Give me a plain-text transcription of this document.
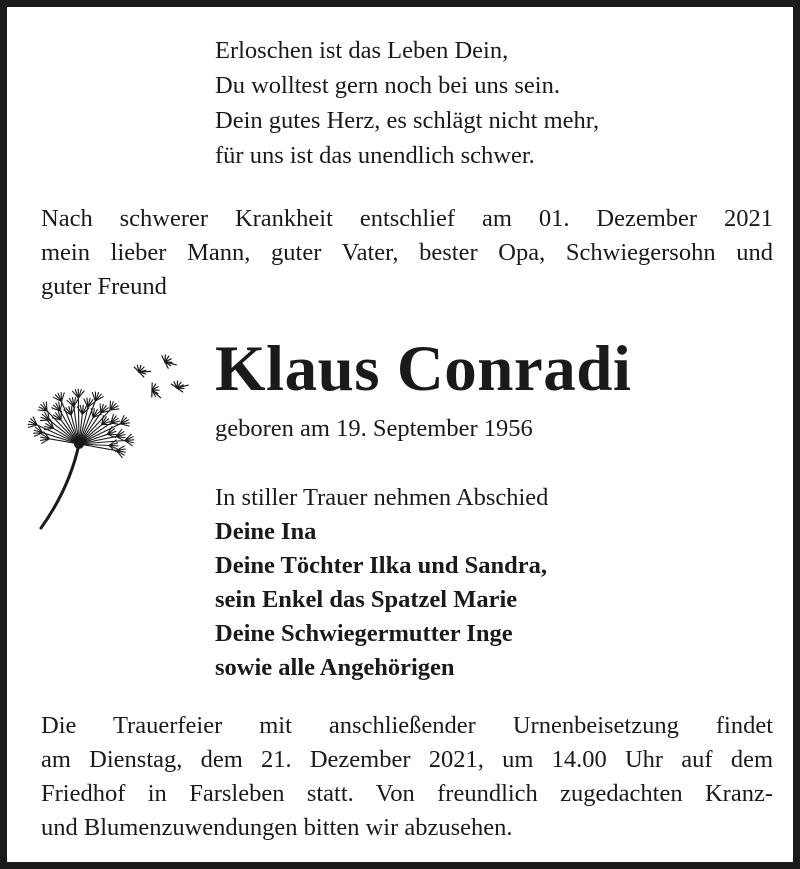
Erloschen ist das Leben Dein,
Du wolltest gern noch bei uns sein.
Dein gutes Herz, es schlägt nicht mehr,
für uns ist das unendlich schwer.
Nach schwerer Krankheit entschlief am 01. Dezember 2021
mein lieber Mann, guter Vater, bester Opa, Schwiegersohn und
guter Freund
Klaus Conradi
geboren am 19. September 1956
In stiller Trauer nehmen Abschied
Deine Ina
Deine Töchter Ilka und Sandra,
sein Enkel das Spatzel Marie
Deine Schwiegermutter Inge
sowie alle Angehörigen
Die Trauerfeier mit anschließender Urnenbeisetzung findet
am Dienstag, dem 21. Dezember 2021, um 14.00 Uhr auf dem
Friedhof in Farsleben statt. Von freundlich zugedachten Kranz-
und Blumenzuwendungen bitten wir abzusehen.
